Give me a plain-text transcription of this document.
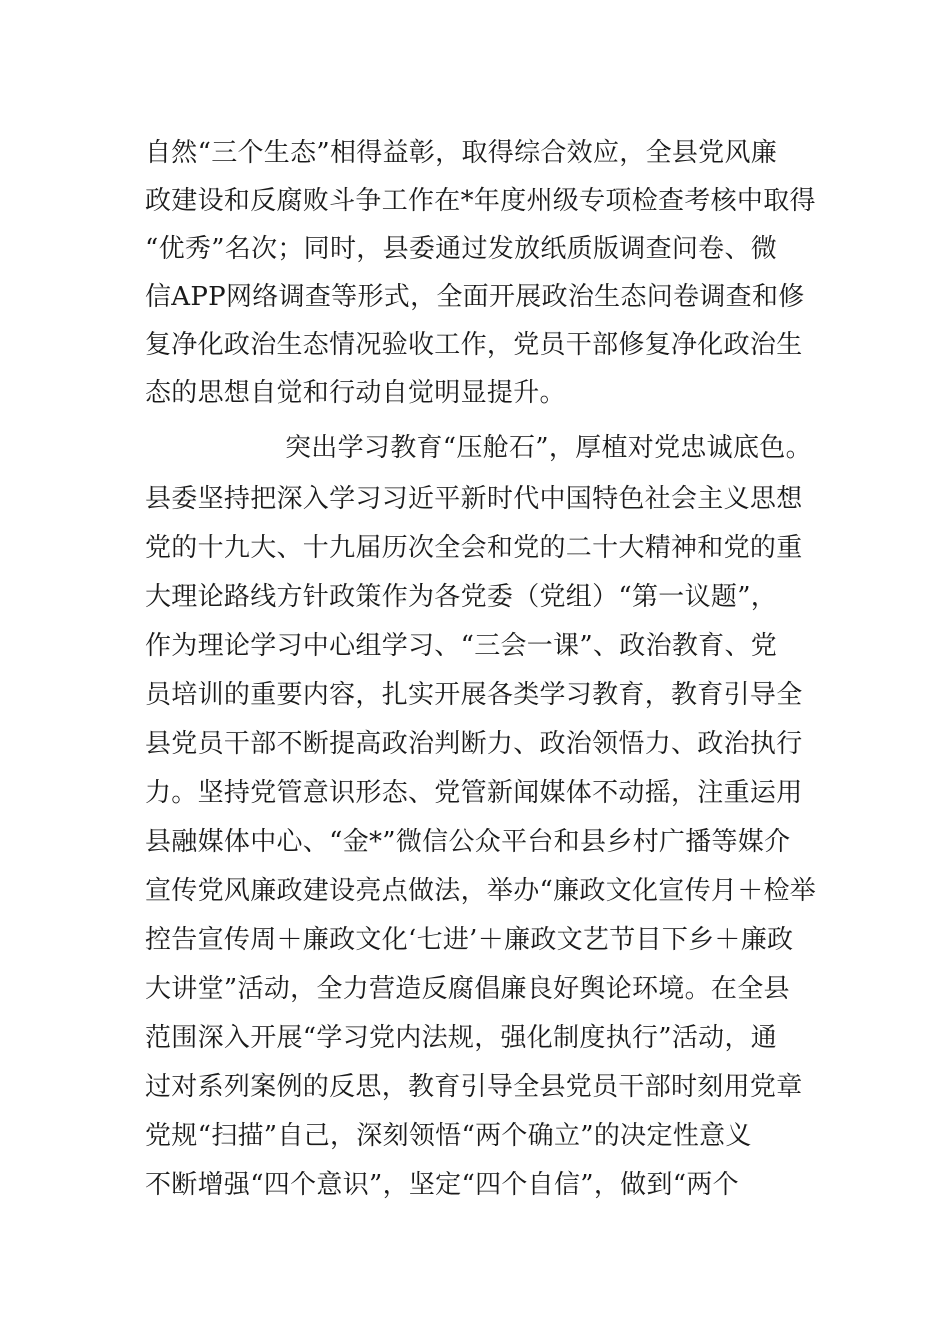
自然“三个生态”相得益彰，取得综合效应，全县党风廉
政建设和反腐败斗争工作在*年度州级专项检查考核中取得
“优秀”名次；同时，县委通过发放纸质版调查问卷、微
信APP网络调查等形式，全面开展政治生态问卷调查和修
复净化政治生态情况验收工作，党员干部修复净化政治生
态的思想自觉和行动自觉明显提升。
突出学习教育“压舱石”，厚植对党忠诚底色。
县委坚持把深入学习习近平新时代中国特色社会主义思想
党的十九大、十九届历次全会和党的二十大精神和党的重
大理论路线方针政策作为各党委（党组）“第一议题”，
作为理论学习中心组学习、“三会一课”、政治教育、党
员培训的重要内容，扎实开展各类学习教育，教育引导全
县党员干部不断提高政治判断力、政治领悟力、政治执行
力。坚持党管意识形态、党管新闻媒体不动摇，注重运用
县融媒体中心、“金*”微信公众平台和县乡村广播等媒介
宣传党风廉政建设亮点做法，举办“廉政文化宣传月＋检举
控告宣传周＋廉政文化‘七进’＋廉政文艺节目下乡＋廉政
大讲堂”活动，全力营造反腐倡廉良好舆论环境。在全县
范围深入开展“学习党内法规，强化制度执行”活动，通
过对系列案例的反思，教育引导全县党员干部时刻用党章
党规“扫描”自己，深刻领悟“两个确立”的决定性意义
不断增强“四个意识”，坚定“四个自信”，做到“两个
